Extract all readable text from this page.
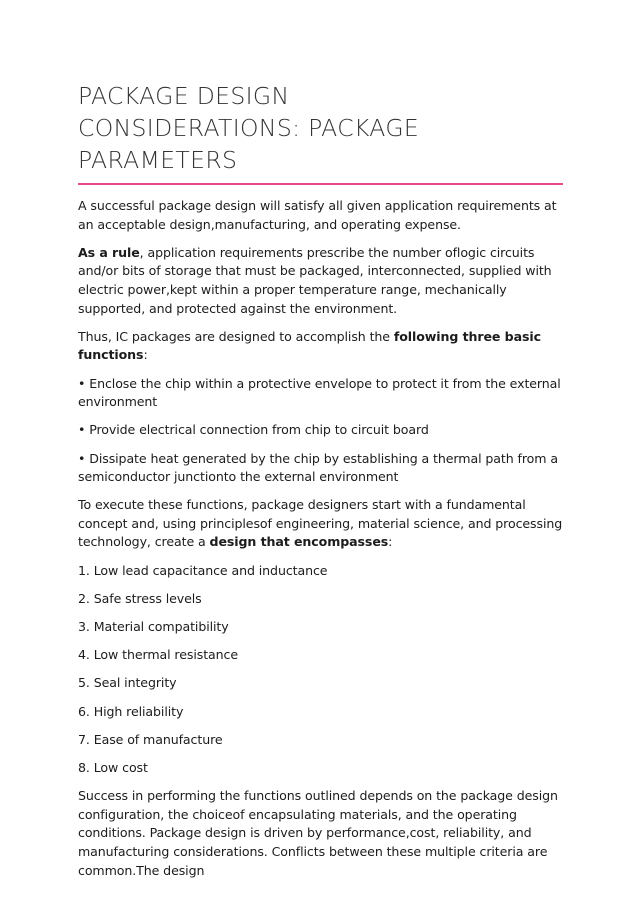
PACKAGE DESIGN
CONSIDERATIONS: PACKAGE
PARAMETERS

A successful package design will satisfy all given application requirements at an acceptable design,manufacturing, and operating expense.

As a rule, application requirements prescribe the number oflogic circuits and/or bits of storage that must be packaged, interconnected, supplied with electric power,kept within a proper temperature range, mechanically supported, and protected against the environment.

Thus, IC packages are designed to accomplish the following three basic functions:

• Enclose the chip within a protective envelope to protect it from the external environment

• Provide electrical connection from chip to circuit board

• Dissipate heat generated by the chip by establishing a thermal path from a semiconductor junctionto the external environment

To execute these functions, package designers start with a fundamental concept and, using principlesof engineering, material science, and processing technology, create a design that encompasses:

1. Low lead capacitance and inductance

2. Safe stress levels

3. Material compatibility

4. Low thermal resistance

5. Seal integrity

6. High reliability

7. Ease of manufacture

8. Low cost

Success in performing the functions outlined depends on the package design configuration, the choiceof encapsulating materials, and the operating conditions. Package design is driven by performance,cost, reliability, and manufacturing considerations. Conflicts between these multiple criteria are common.The design
